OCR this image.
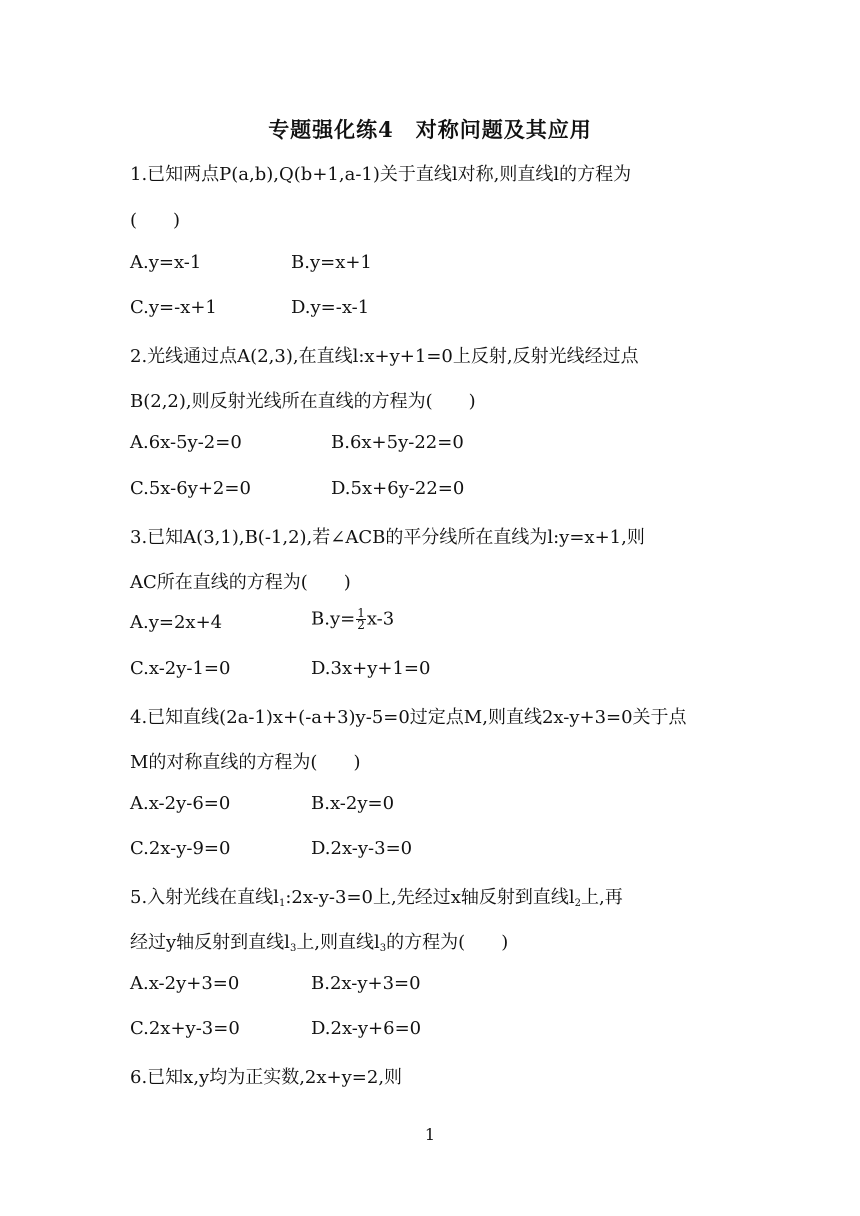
专题强化练4　对称问题及其应用
1.已知两点P(a,b),Q(b+1,a-1)关于直线l对称,则直线l的方程为
(　　)
A.y=x-1	B.y=x+1
C.y=-x+1	D.y=-x-1
2.光线通过点A(2,3),在直线l:x+y+1=0上反射,反射光线经过点
B(2,2),则反射光线所在直线的方程为(　　)
A.6x-5y-2=0	B.6x+5y-22=0
C.5x-6y+2=0	D.5x+6y-22=0
3.已知A(3,1),B(-1,2),若∠ACB的平分线所在直线为l:y=x+1,则
AC所在直线的方程为(　　)
A.y=2x+4	$B.y= \frac{1}{2} x-3$
C.x-2y-1=0	D.3x+y+1=0
4.已知直线(2a-1)x+(-a+3)y-5=0过定点M,则直线2x-y+3=0关于点
M的对称直线的方程为(　　)
A.x-2y-6=0	B.x-2y=0
C.2x-y-9=0	D.2x-y-3=0
5.入射光线在直线$l_1:2x-y-3=0$上,先经过x轴反射到直线$l_2$上,再
经过y轴反射到直线$l_3$上,则直线$l_3$的方程为(　　)
A.x-2y+3=0	B.2x-y+3=0
C.2x+y-3=0	D.2x-y+6=0
6.已知x,y均为正实数,2x+y=2,则
1
